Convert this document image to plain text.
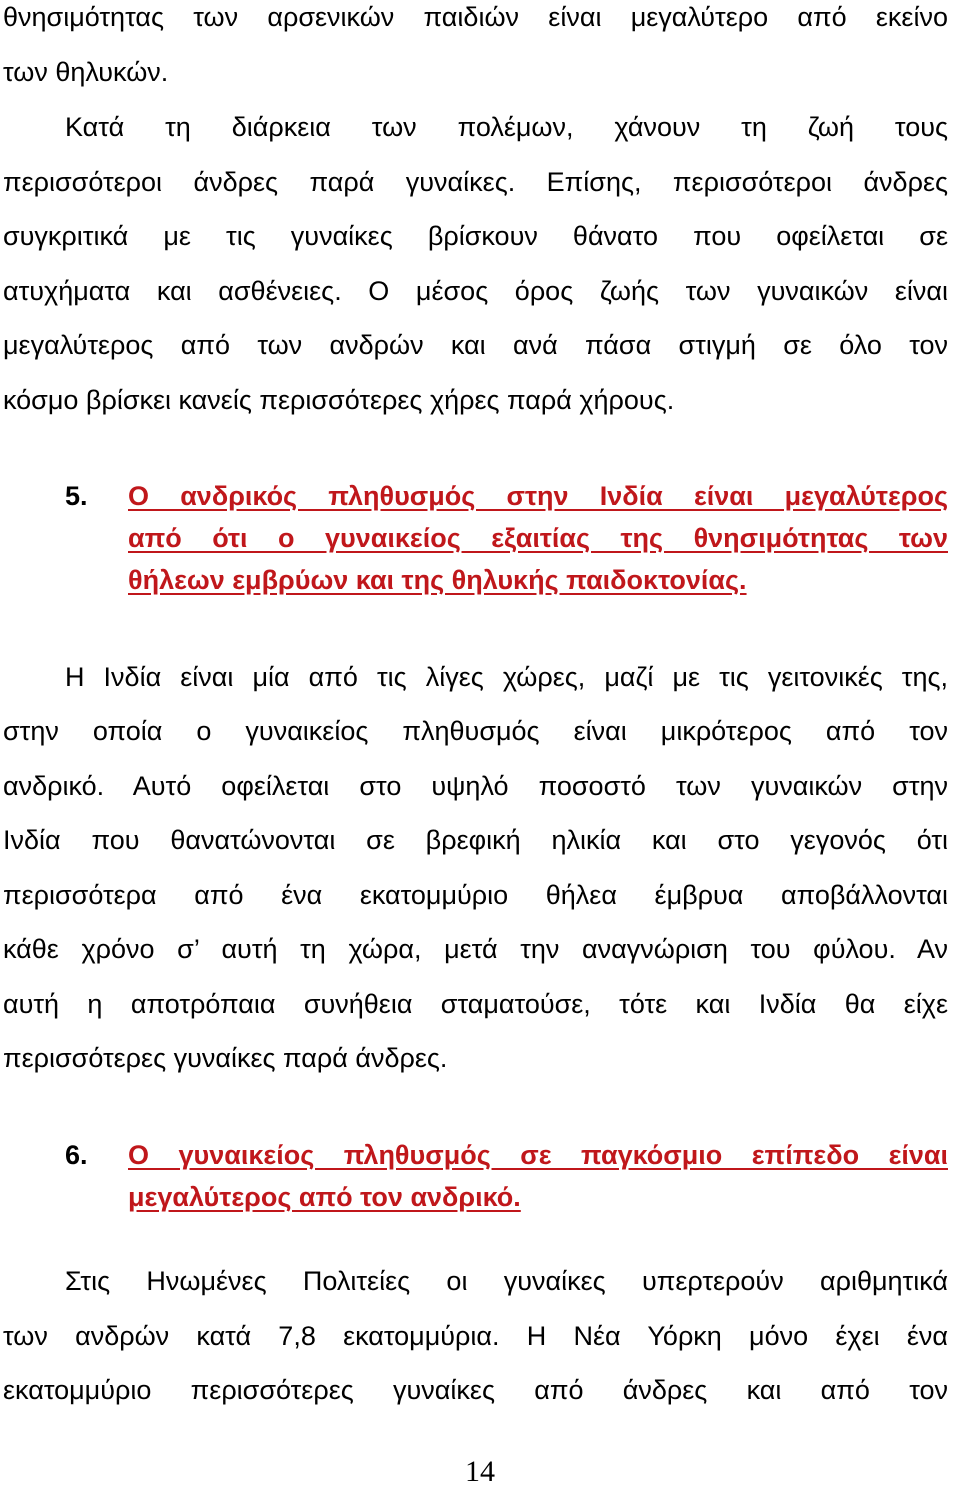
θνησιμότητας των αρσενικών παιδιών είναι μεγαλύτερο από εκείνο
των θηλυκών.
Κατά τη διάρκεια των πολέμων, χάνουν τη ζωή τους
περισσότεροι άνδρες παρά γυναίκες. Επίσης, περισσότεροι άνδρες
συγκριτικά με τις γυναίκες βρίσκουν θάνατο που οφείλεται σε
ατυχήματα και ασθένειες. Ο μέσος όρος ζωής των γυναικών είναι
μεγαλύτερος από των ανδρών και ανά πάσα στιγμή σε όλο τον
κόσμο βρίσκει κανείς περισσότερες χήρες παρά χήρους.
5. Ο ανδρικός πληθυσμός στην Ινδία είναι μεγαλύτερος
από ότι ο γυναικείος εξαιτίας της θνησιμότητας των
θήλεων εμβρύων και της θηλυκής παιδοκτονίας.
Η Ινδία είναι μία από τις λίγες χώρες, μαζί με τις γειτονικές της,
στην οποία ο γυναικείος πληθυσμός είναι μικρότερος από τον
ανδρικό. Αυτό οφείλεται στο υψηλό ποσοστό των γυναικών στην
Ινδία που θανατώνονται σε βρεφική ηλικία και στο γεγονός ότι
περισσότερα από ένα εκατομμύριο θήλεα έμβρυα αποβάλλονται
κάθε χρόνο σ’ αυτή τη χώρα, μετά την αναγνώριση του φύλου. Αν
αυτή η αποτρόπαια συνήθεια σταματούσε, τότε και Ινδία θα είχε
περισσότερες γυναίκες παρά άνδρες.
6. Ο γυναικείος πληθυσμός σε παγκόσμιο επίπεδο είναι
μεγαλύτερος από τον ανδρικό.
Στις Ηνωμένες Πολιτείες οι γυναίκες υπερτερούν αριθμητικά
των ανδρών κατά 7,8 εκατομμύρια. Η Νέα Υόρκη μόνο έχει ένα
εκατομμύριο περισσότερες γυναίκες από άνδρες και από τον
14
